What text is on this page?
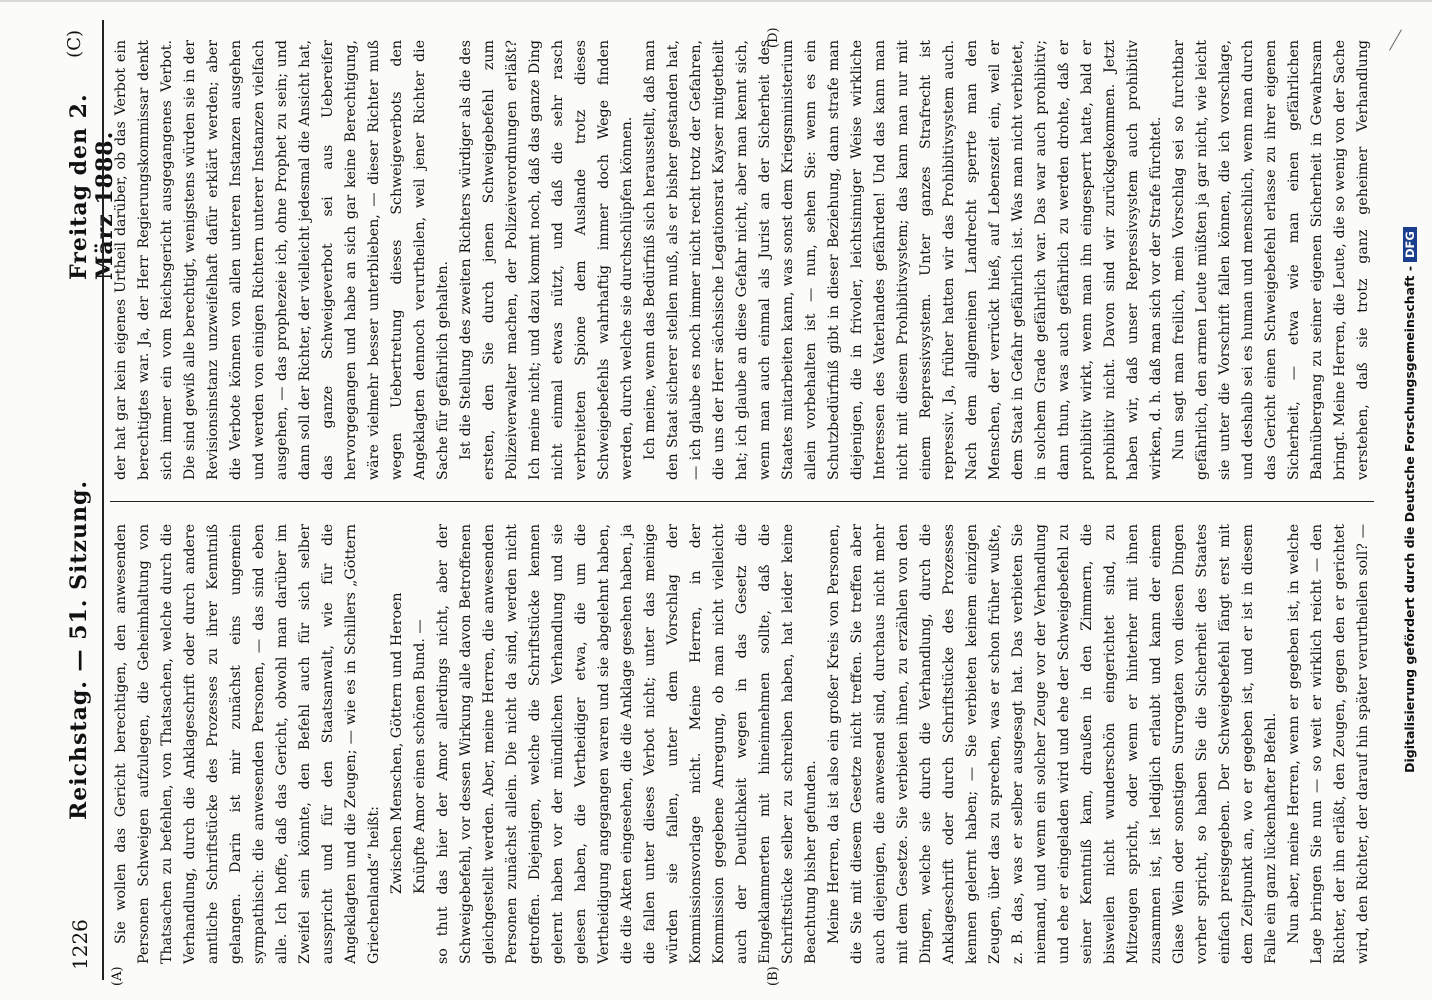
1226
Reichstag. — 51. Sitzung.
Freitag den 2. März 1888.
(C)
(A)	(B)
(D)

Sie wollen das Gericht berechtigen, den anwesenden Personen Schweigen aufzulegen, die Geheimhaltung von Thatsachen zu befehlen, von Thatsachen, welche durch die Verhandlung, durch die Anklageschrift oder durch andere amtliche Schriftstücke des Prozesses zu ihrer Kenntniß gelangen. Darin ist mir zunächst eins ungemein sympathisch: die anwesenden Personen, — das sind eben alle. Ich hoffe, daß das Gericht, obwohl man darüber im Zweifel sein könnte, den Befehl auch für sich selber ausspricht und für den Staatsanwalt, wie für die Angeklagten und die Zeugen; — wie es in Schillers „Göttern Griechenlands“ heißt: Zwischen Menschen, Göttern und Heroen Knüpfte Amor einen schönen Bund. — so thut das hier der Amor allerdings nicht, aber der Schweigebefehl, vor dessen Wirkung alle davon Betroffenen gleichgestellt werden. Aber, meine Herren, die anwesenden Personen zunächst allein. Die nicht da sind, werden nicht getroffen. Diejenigen, welche die Schriftstücke kennen gelernt haben vor der mündlichen Verhandlung und sie gelesen haben, die Vertheidiger etwa, die um die Vertheidigung angegangen waren und sie abgelehnt haben, die die Akten eingesehen, die die Anklage gesehen haben, ja die fallen unter dieses Verbot nicht; unter das meinige würden sie fallen, unter dem Vorschlag der Kommissionsvorlage nicht. Meine Herren, in der Kommission gegebene Anregung, ob man nicht vielleicht auch der Deutlichkeit wegen in das Gesetz die Eingeklammerten mit hineinnehmen sollte, daß die Schriftstücke selber zu schreiben haben, hat leider keine Beachtung bisher gefunden. Meine Herren, da ist also ein großer Kreis von Personen, die Sie mit diesem Gesetze nicht treffen. Sie treffen aber auch diejenigen, die anwesend sind, durchaus nicht mehr mit dem Gesetze. Sie verbieten ihnen, zu erzählen von den Dingen, welche sie durch die Verhandlung, durch die Anklageschrift oder durch Schriftstücke des Prozesses kennen gelernt haben; — Sie verbieten keinem einzigen Zeugen, über das zu sprechen, was er schon früher wußte, z. B. das, was er selber ausgesagt hat. Das verbieten Sie niemand, und wenn ein solcher Zeuge vor der Verhandlung und ehe er eingeladen wird und ehe der Schweigebefehl zu seiner Kenntniß kam, draußen in den Zimmern, die bisweilen nicht wunderschön eingerichtet sind, zu Mitzeugen spricht, oder wenn er hinterher mit ihnen zusammen ist, ist lediglich erlaubt und kann der einem Glase Wein oder sonstigen Surrogaten von diesen Dingen vorher spricht, so haben Sie die Sicherheit des Staates einfach preisgegeben. Der Schweigebefehl fängt erst mit dem Zeitpunkt an, wo er gegeben ist, und er ist in diesem Falle ein ganz lückenhafter Befehl. Nun aber, meine Herren, wenn er gegeben ist, in welche Lage bringen Sie nun — so weit er wirklich reicht — den Richter, der ihn erläßt, den Zeugen, gegen den er gerichtet wird, den Richter, der darauf hin später verurtheilen soll? —

der hat gar kein eigenes Urtheil darüber, ob das Verbot ein berechtigtes war. Ja, der Herr Regierungskommissar denkt sich immer ein vom Reichsgericht ausgegangenes Verbot. Die sind gewiß alle berechtigt, wenigstens würden sie in der Revisionsinstanz unzweifelhaft dafür erklärt werden; aber die Verbote können von allen unteren Instanzen ausgehen und werden von einigen Richtern unterer Instanzen vielfach ausgehen, — das prophezeie ich, ohne Prophet zu sein; und dann soll der Richter, der vielleicht jedesmal die Ansicht hat, das ganze Schweigeverbot sei aus Uebereifer hervorgegangen und habe an sich gar keine Berechtigung, wäre vielmehr besser unterblieben, — dieser Richter muß wegen Uebertretung dieses Schweigeverbots den Angeklagten dennoch verurtheilen, weil jener Richter die Sache für gefährlich gehalten. Ist die Stellung des zweiten Richters würdiger als die des ersten, den Sie durch jenen Schweigebefehl zum Polizeiverwalter machen, der Polizeiverordnungen erläßt? Ich meine nicht; und dazu kommt noch, daß das ganze Ding nicht einmal etwas nützt, und daß die sehr rasch verbreiteten Spione dem Auslande trotz dieses Schweigebefehls wahrhaftig immer doch Wege finden werden, durch welche sie durchschlüpfen können. Ich meine, wenn das Bedürfniß sich herausstellt, daß man den Staat sicherer stellen muß, als er bisher gestanden hat, — ich glaube es noch immer nicht recht trotz der Gefahren, die uns der Herr sächsische Legationsrat Kayser mitgetheilt hat; ich glaube an diese Gefahr nicht, aber man kennt sich, wenn man auch einmal als Jurist an der Sicherheit des Staates mitarbeiten kann, was sonst dem Kriegsministerium allein vorbehalten ist — nun, sehen Sie: wenn es ein Schutzbedürfniß gibt in dieser Beziehung, dann strafe man diejenigen, die in frivoler, leichtsinniger Weise wirkliche Interessen des Vaterlandes gefährden! Und das kann man nicht mit diesem Prohibitivsystem; das kann man nur mit einem Repressivsystem. Unter ganzes Strafrecht ist repressiv. Ja, früher hatten wir das Prohibitivsystem auch. Nach dem allgemeinen Landrecht sperrte man den Menschen, der verrückt hieß, auf Lebenszeit ein, weil er dem Staat in Gefahr gefährlich ist. Was man nicht verbietet, in solchem Grade gefährlich war. Das war auch prohibitiv; dann thun, was auch gefährlich zu werden drohte, daß er prohibitiv wirkt, wenn man ihn eingesperrt hatte, bald er prohibitiv nicht. Davon sind wir zurückgekommen. Jetzt haben wir, daß unser Repressivsystem auch prohibitiv wirken, d. h. daß man sich vor der Strafe fürchtet. Nun sagt man freilich, mein Vorschlag sei so furchtbar gefährlich, den armen Leute müßten ja gar nicht, wie leicht sie unter die Vorschrift fallen können, die ich vorschlage, und deshalb sei es human und menschlich, wenn man durch das Gericht einen Schweigebefehl erlasse zu ihrer eigenen Sicherheit, — etwa wie man einen gefährlichen Bahnübergang zu seiner eigenen Sicherheit in Gewahrsam bringt. Meine Herren, die Leute, die so wenig von der Sache verstehen, daß sie trotz ganz geheimer Verhandlung

Digitalisierung gefördert durch die Deutsche Forschungsgemeinschaft -DFG
